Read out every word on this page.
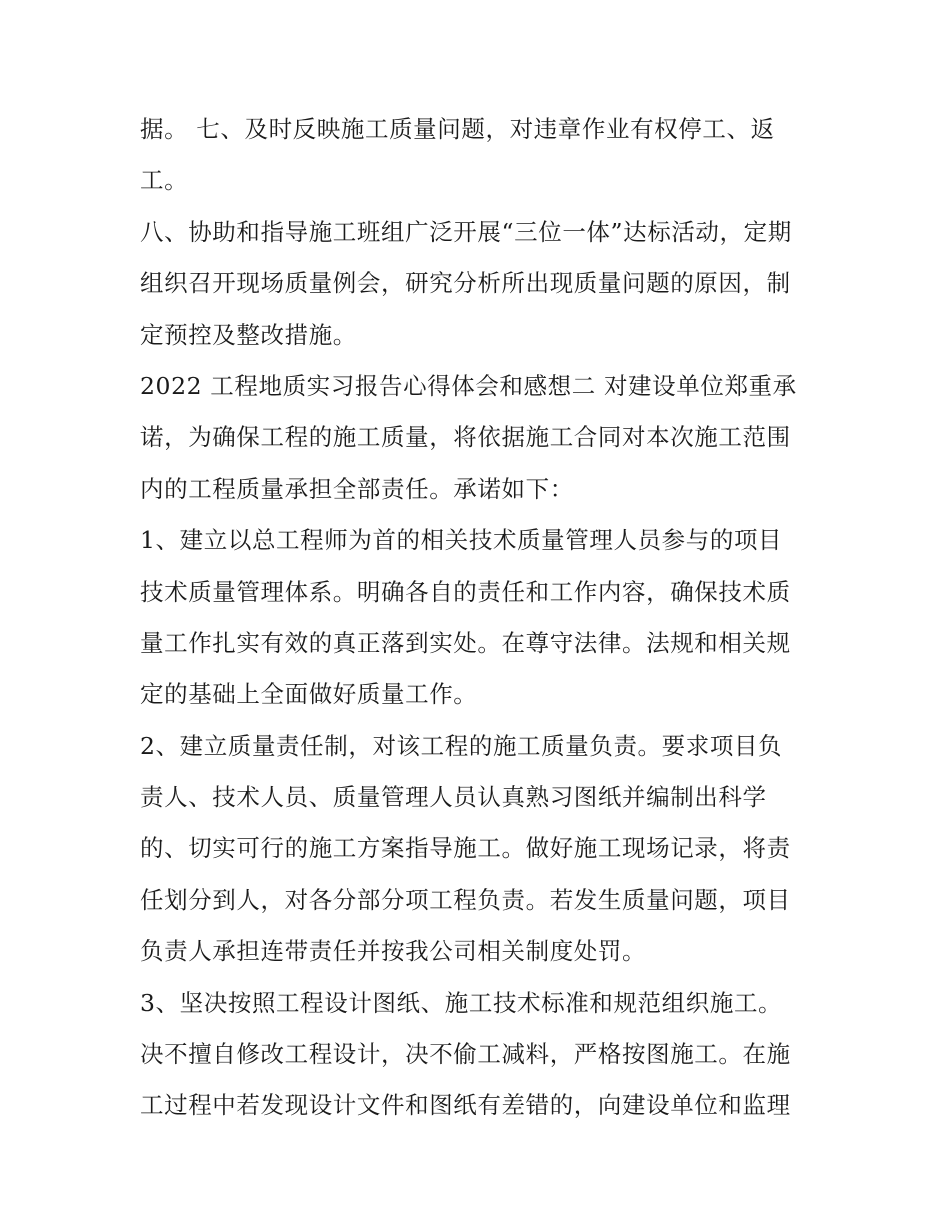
据。 七、及时反映施工质量问题，对违章作业有权停工、返
工。
八、协助和指导施工班组广泛开展“三位一体”达标活动，定期
组织召开现场质量例会，研究分析所出现质量问题的原因，制
定预控及整改措施。
2022 工程地质实习报告心得体会和感想二 对建设单位郑重承
诺，为确保工程的施工质量，将依据施工合同对本次施工范围
内的工程质量承担全部责任。承诺如下：
1、建立以总工程师为首的相关技术质量管理人员参与的项目
技术质量管理体系。明确各自的责任和工作内容，确保技术质
量工作扎实有效的真正落到实处。在尊守法律。法规和相关规
定的基础上全面做好质量工作。
2、建立质量责任制，对该工程的施工质量负责。要求项目负
责人、技术人员、质量管理人员认真熟习图纸并编制出科学
的、切实可行的施工方案指导施工。做好施工现场记录，将责
任划分到人，对各分部分项工程负责。若发生质量问题，项目
负责人承担连带责任并按我公司相关制度处罚。
3、坚决按照工程设计图纸、施工技术标准和规范组织施工。
决不擅自修改工程设计，决不偷工减料，严格按图施工。在施
工过程中若发现设计文件和图纸有差错的，向建设单位和监理
